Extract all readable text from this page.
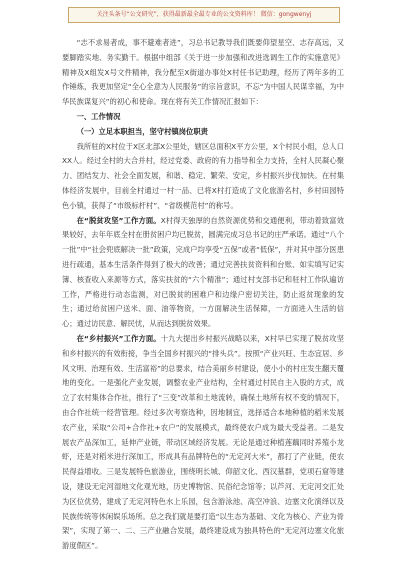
关注头条号“公文研究”，获得最新最全最专业的公文资料库！ 微信：gongwenyj

“志不求易者成，事不避难者进”，习总书记教导我们既要仰望星空、志存高远，又要脚踏实地、务实勤干。根据中组部《关于进一步加强和改进选调生工作的实施意见》精神及X组发X号文件精神，我分配至X街道办事处X村任书记助理，经历了两年多的工作锤炼，我更加坚定“全心全意为人民服务”的宗旨意识，不忘“为中国人民谋幸福，为中华民族谋复兴”的初心和使命。现在将有关工作情况汇报如下：

一、工作情况
（一）立足本职担当，坚守村镇岗位职责

我所驻的X村位于X区北部X公里处，辖区总面积X平方公里，X个村民小组，总人口XX人。经过全村的大合并村，经过党委、政府的有力指导和全力支持，全村人民凝心聚力、团结发力、社会全面发展，和谐、稳定、繁荣、安定，乡村振兴步伐加快。在村集体经济发展中，目前全村通过一村一品、已将X村打造成了文化旅游名村，乡村田园特色小镇，获得了“市级标杆村”、“省级模范村”的称号。

在“脱贫攻坚”工作方面。X村得天独厚的自然资源优势和交通便利，带动着致富效果较好，去年年底全村在册贫困户均已脱贫，圆满完成习总书记的庄严承诺。通过“八个一批”中“社会兜底解决一批”政策，完成户均享受“五保”或者“低保”，并对其中部分医患进行疏通，基本生活条件得到了极大的改善；通过完善扶贫资料和台账、如实填写记实簿、核查收入来源等方式，落实扶贫的“六个精准”；通过村支部书记和驻村工作队遍访工作，严格进行动态监测，对已脱贫的困难户和边缘户密切关注，防止返贫现象的发生；通过给贫困户送米、面、油等物资，一方面解决生活保障，一方面进入生活的信心；通过访民意、解民忧，从而达到脱贫效果。

在“乡村振兴”工作方面。十九大提出乡村振兴战略以来，X村早已实现了脱贫攻坚和乡村振兴的有效衔接，争当全国乡村振兴的“排头兵”。按照“产业兴旺、生态宜居、乡风文明、治理有效、生活富裕”的总要求，结合美丽乡村建设，使小小的村庄发生翻天覆地的变化。一是强化产业发展，调整农业产业结构，全村通过村民自主入股的方式，成立了农村集体合作社，推行了“三变”改革和土地流转，确保土地所有权不变的情况下，由合作社统一经营管理。经过多次考察选种，因地制宜，选择适合本地种植的稻米发展农产业，采取“公司+合作社+农户”的发展模式，最终使农户成为最大受益者。二是发展农产品深加工，延伸产业链，带动区域经济发展。无论是通过种植莲藕同时养殖小龙虾，还是对稻米进行深加工，形成具有品牌特色的“无定河大米”，都打了产业链，使农民得益增收。三是发展特色旅游业，围绕明长城、仰韶文化、西汉墓群，党项石窟等建设，建设无定河湿地文化观光地，历史博物馆、民俗纪念馆等；以芦河、无定河交汇处为区位优势，建成了无定河特色水上乐园，包含游泳池、高空冲浪、边塞文化演绎以及民族传统等休闲娱乐场所。总之我们就是要打造“以生态为基础、文化为核心、产业为骨架”，实现了第一、二、三产业融合发展，最终建设成为独具特色的“无定河边塞文化旅游度假区”。
